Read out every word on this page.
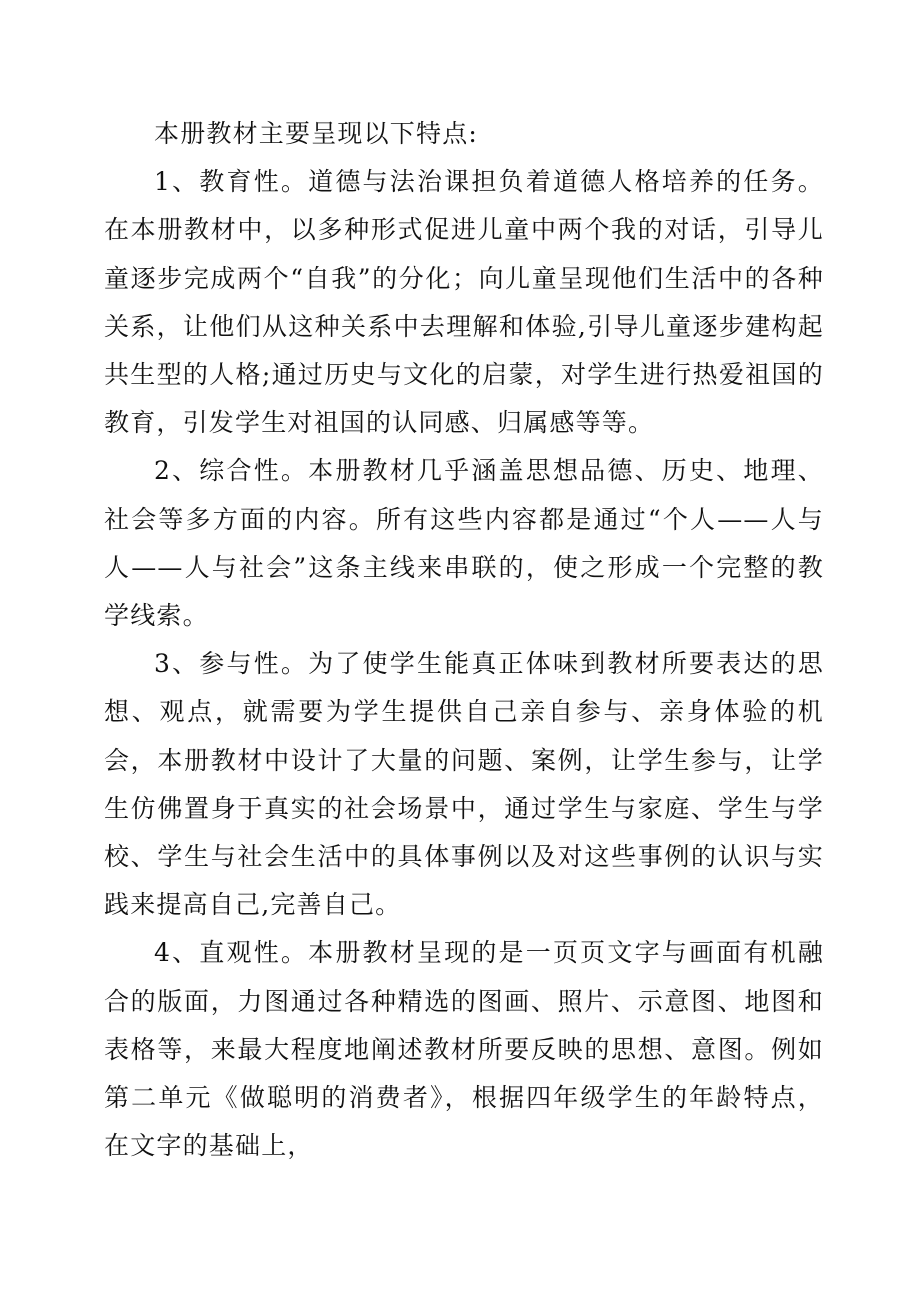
本册教材主要呈现以下特点:

1、教育性。道德与法治课担负着道德人格培养的任务。在本册教材中，以多种形式促进儿童中两个我的对话，引导儿童逐步完成两个“自我”的分化；向儿童呈现他们生活中的各种关系，让他们从这种关系中去理解和体验,引导儿童逐步建构起共生型的人格;通过历史与文化的启蒙，对学生进行热爱祖国的教育，引发学生对祖国的认同感、归属感等等。

2、综合性。本册教材几乎涵盖思想品德、历史、地理、社会等多方面的内容。所有这些内容都是通过“个人——人与人——人与社会”这条主线来串联的，使之形成一个完整的教学线索。

3、参与性。为了使学生能真正体味到教材所要表达的思想、观点，就需要为学生提供自己亲自参与、亲身体验的机会，本册教材中设计了大量的问题、案例，让学生参与，让学生仿佛置身于真实的社会场景中，通过学生与家庭、学生与学校、学生与社会生活中的具体事例以及对这些事例的认识与实践来提高自己,完善自己。

4、直观性。本册教材呈现的是一页页文字与画面有机融合的版面，力图通过各种精选的图画、照片、示意图、地图和表格等，来最大程度地阐述教材所要反映的思想、意图。例如第二单元《做聪明的消费者》，根据四年级学生的年龄特点，在文字的基础上，
